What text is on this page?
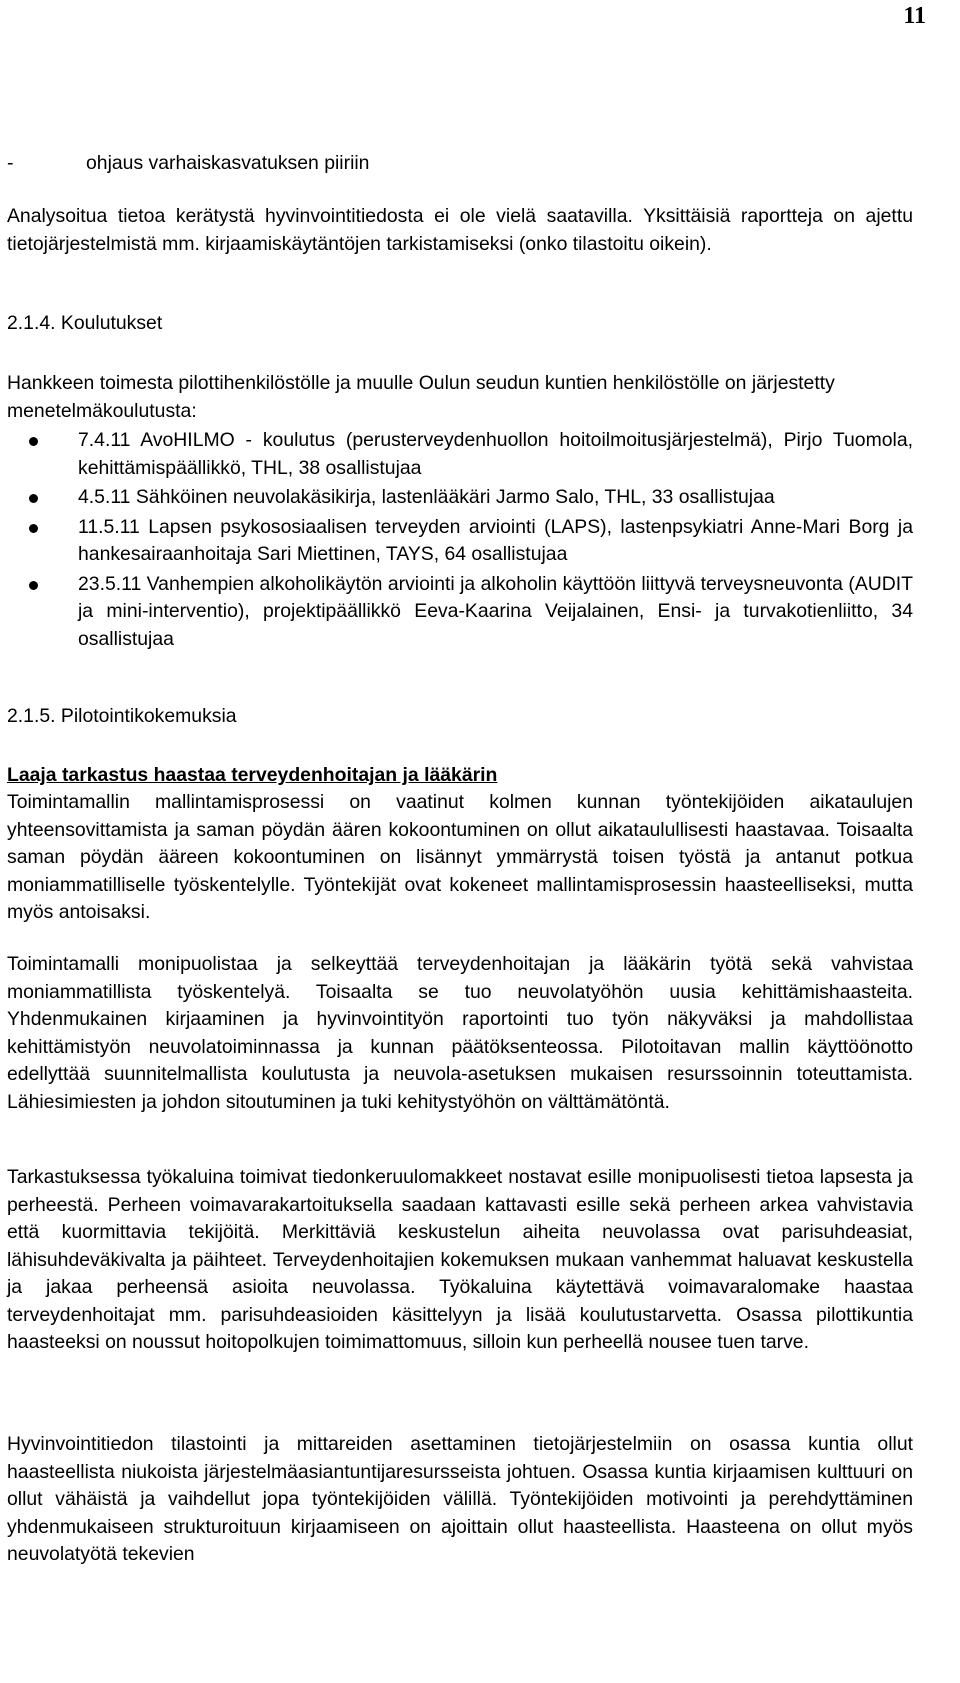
11
-	ohjaus varhaiskasvatuksen piiriin

Analysoitua tietoa kerätystä hyvinvointitiedosta ei ole vielä saatavilla. Yksittäisiä raportteja on ajettu tietojärjestelmistä mm. kirjaamiskäytäntöjen tarkistamiseksi (onko tilastoitu oikein).

2.1.4. Koulutukset

Hankkeen toimesta pilottihenkilöstölle ja muulle Oulun seudun kuntien henkilöstölle on järjestetty menetelmäkoulutusta:

7.4.11 AvoHILMO - koulutus (perusterveydenhuollon hoitoilmoitusjärjestelmä), Pirjo Tuomola, kehittämispäällikkö, THL, 38 osallistujaa
4.5.11 Sähköinen neuvolakäsikirja, lastenlääkäri Jarmo Salo, THL, 33 osallistujaa
11.5.11 Lapsen psykososiaalisen terveyden arviointi (LAPS), lastenpsykiatri Anne-Mari Borg ja hankesairaanhoitaja Sari Miettinen, TAYS, 64 osallistujaa
23.5.11 Vanhempien alkoholikäytön arviointi ja alkoholin käyttöön liittyvä terveysneuvonta (AUDIT ja mini-interventio), projektipäällikkö Eeva-Kaarina Veijalainen, Ensi- ja turvakotienliitto, 34 osallistujaa
2.1.5. Pilotointikokemuksia
Laaja tarkastus haastaa terveydenhoitajan ja lääkärin

Toimintamallin mallintamisprosessi on vaatinut kolmen kunnan työntekijöiden aikataulujen yhteensovittamista ja saman pöydän äären kokoontuminen on ollut aikataulullisesti haastavaa. Toisaalta saman pöydän ääreen kokoontuminen on lisännyt ymmärrystä toisen työstä ja antanut potkua moniammatilliselle työskentelylle. Työntekijät ovat kokeneet mallintamisprosessin haasteelliseksi, mutta myös antoisaksi.

Toimintamalli monipuolistaa ja selkeyttää terveydenhoitajan ja lääkärin työtä sekä vahvistaa moniammatillista työskentelyä. Toisaalta se tuo neuvolatyöhön uusia kehittämishaasteita. Yhdenmukainen kirjaaminen ja hyvinvointityön raportointi tuo työn näkyväksi ja mahdollistaa kehittämistyön neuvolatoiminnassa ja kunnan päätöksenteossa. Pilotoitavan mallin käyttöönotto edellyttää suunnitelmallista koulutusta ja neuvola-asetuksen mukaisen resurssoinnin toteuttamista. Lähiesimiesten ja johdon sitoutuminen ja tuki kehitystyöhön on välttämätöntä.

Tarkastuksessa työkaluina toimivat tiedonkeruulomakkeet nostavat esille monipuolisesti tietoa lapsesta ja perheestä. Perheen voimavarakartoituksella saadaan kattavasti esille sekä perheen arkea vahvistavia että kuormittavia tekijöitä. Merkittäviä keskustelun aiheita neuvolassa ovat parisuhdeasiat, lähisuhdeväkivalta ja päihteet. Terveydenhoitajien kokemuksen mukaan vanhemmat haluavat keskustella ja jakaa perheensä asioita neuvolassa. Työkaluina käytettävä voimavaralomake haastaa terveydenhoitajat mm. parisuhdeasioiden käsittelyyn ja lisää koulutustarvetta. Osassa pilottikuntia haasteeksi on noussut hoitopolkujen toimimattomuus, silloin kun perheellä nousee tuen tarve.

Hyvinvointitiedon tilastointi ja mittareiden asettaminen tietojärjestelmiin on osassa kuntia ollut haasteellista niukoista järjestelmäasiantuntijaresursseista johtuen. Osassa kuntia kirjaamisen kulttuuri on ollut vähäistä ja vaihdellut jopa työntekijöiden välillä. Työntekijöiden motivointi ja perehdyttäminen yhdenmukaiseen strukturoituun kirjaamiseen on ajoittain ollut haasteellista. Haasteena on ollut myös neuvolatyötä tekevien
